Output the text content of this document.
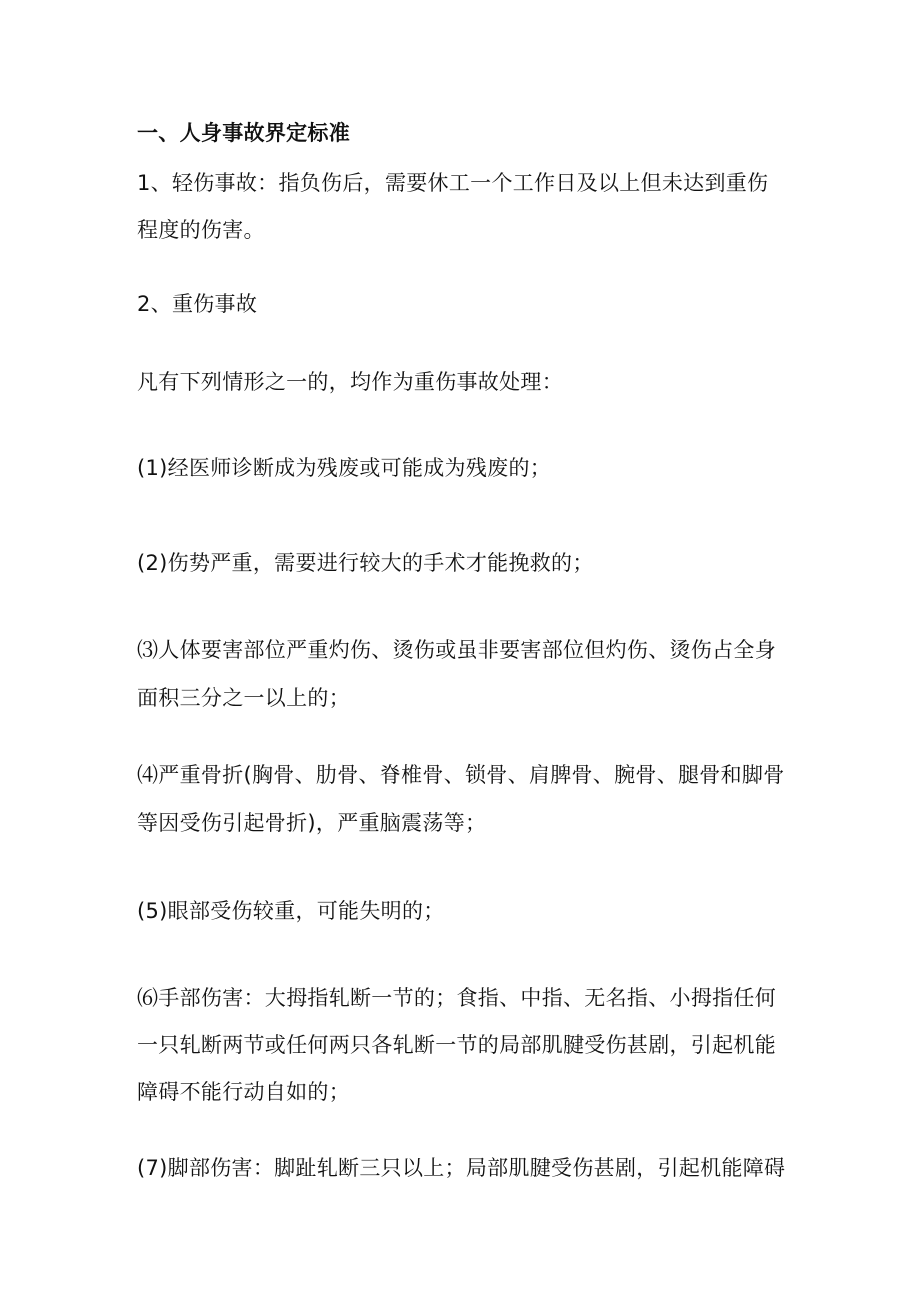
一、人身事故界定标准
1、轻伤事故：指负伤后，需要休工一个工作日及以上但未达到重伤
程度的伤害。
2、重伤事故
凡有下列情形之一的，均作为重伤事故处理：
(1)经医师诊断成为残废或可能成为残废的；
(2)伤势严重，需要进行较大的手术才能挽救的；
⑶人体要害部位严重灼伤、烫伤或虽非要害部位但灼伤、烫伤占全身
面积三分之一以上的；
⑷严重骨折(胸骨、肋骨、脊椎骨、锁骨、肩脾骨、腕骨、腿骨和脚骨
等因受伤引起骨折)，严重脑震荡等；
(5)眼部受伤较重，可能失明的；
⑹手部伤害：大拇指轧断一节的；食指、中指、无名指、小拇指任何
一只轧断两节或任何两只各轧断一节的局部肌腱受伤甚剧，引起机能
障碍不能行动自如的；
(7)脚部伤害：脚趾轧断三只以上；局部肌腱受伤甚剧，引起机能障碍
